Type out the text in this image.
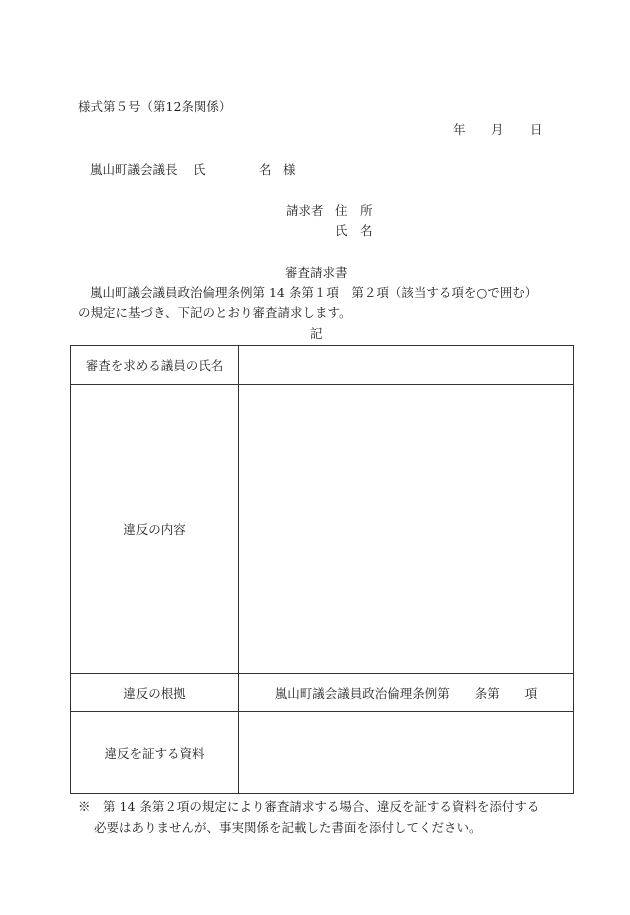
様式第５号（第12条関係）
年 月 日
嵐山町議会議長 氏	名 様
請求者 住　所
氏　名
審査請求書
嵐山町議会議員政治倫理条例第 14 条第１項　第２項（該当する項を○で囲む）
の規定に基づき、下記のとおり審査請求します。
記
審査を求める議員の氏名	
違反の内容	
違反の根拠	嵐山町議会議員政治倫理条例第　　条第　　項
違反を証する資料	
※　 第 14 条第２項の規定により審査請求する場合、違反を証する資料を添付する
必要はありませんが、事実関係を記載した書面を添付してください。
